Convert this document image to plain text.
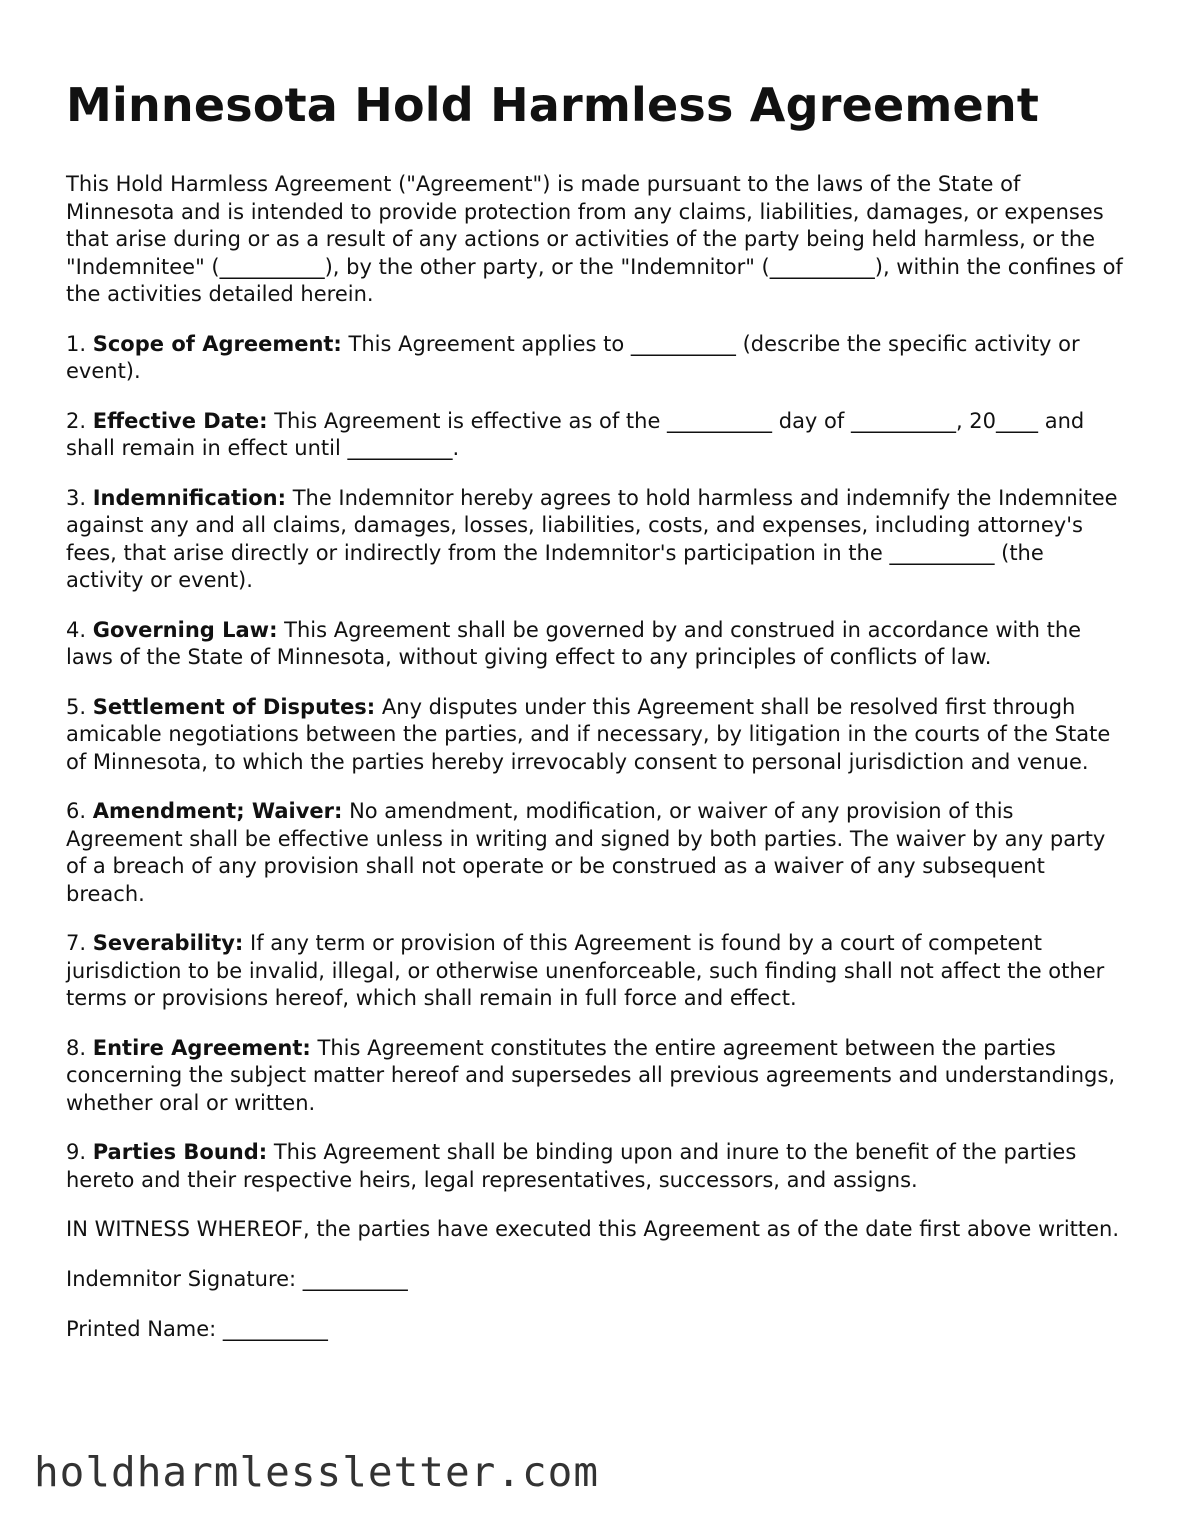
Minnesota Hold Harmless Agreement

This Hold Harmless Agreement ("Agreement") is made pursuant to the laws of the State of Minnesota and is intended to provide protection from any claims, liabilities, damages, or expenses that arise during or as a result of any actions or activities of the party being held harmless, or the "Indemnitee" (__________), by the other party, or the "Indemnitor" (__________), within the confines of the activities detailed herein.

1. Scope of Agreement: This Agreement applies to __________ (describe the specific activity or event).

2. Effective Date: This Agreement is effective as of the __________ day of __________, 20____ and shall remain in effect until __________.

3. Indemnification: The Indemnitor hereby agrees to hold harmless and indemnify the Indemnitee against any and all claims, damages, losses, liabilities, costs, and expenses, including attorney's fees, that arise directly or indirectly from the Indemnitor's participation in the __________ (the activity or event).

4. Governing Law: This Agreement shall be governed by and construed in accordance with the laws of the State of Minnesota, without giving effect to any principles of conflicts of law.

5. Settlement of Disputes: Any disputes under this Agreement shall be resolved first through amicable negotiations between the parties, and if necessary, by litigation in the courts of the State of Minnesota, to which the parties hereby irrevocably consent to personal jurisdiction and venue.

6. Amendment; Waiver: No amendment, modification, or waiver of any provision of this Agreement shall be effective unless in writing and signed by both parties. The waiver by any party of a breach of any provision shall not operate or be construed as a waiver of any subsequent breach.

7. Severability: If any term or provision of this Agreement is found by a court of competent jurisdiction to be invalid, illegal, or otherwise unenforceable, such finding shall not affect the other terms or provisions hereof, which shall remain in full force and effect.

8. Entire Agreement: This Agreement constitutes the entire agreement between the parties concerning the subject matter hereof and supersedes all previous agreements and understandings, whether oral or written.

9. Parties Bound: This Agreement shall be binding upon and inure to the benefit of the parties hereto and their respective heirs, legal representatives, successors, and assigns.

IN WITNESS WHEREOF, the parties have executed this Agreement as of the date first above written.

Indemnitor Signature: __________

Printed Name: __________

holdharmlessletter.com
